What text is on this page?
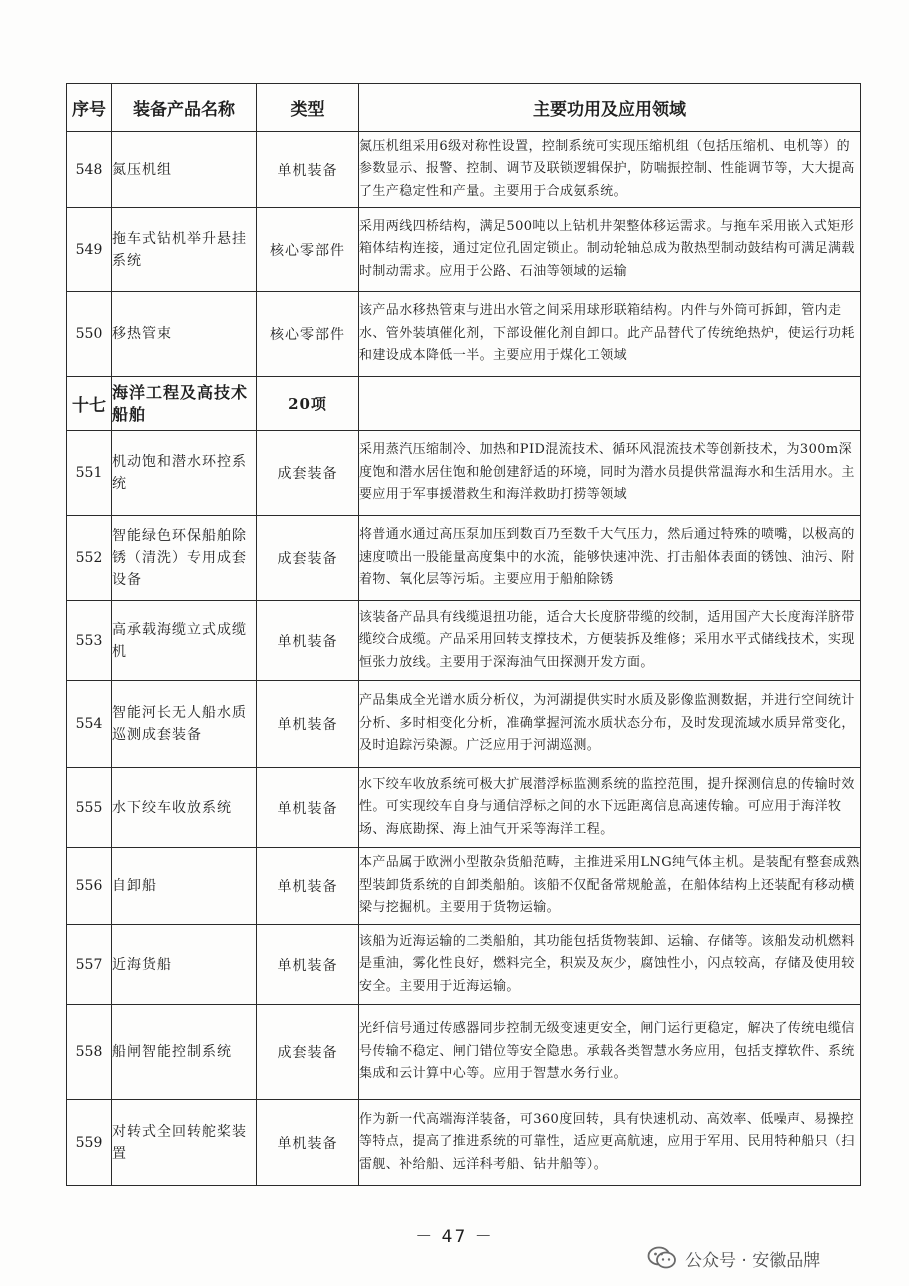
序号	装备产品名称	类型	主要功用及应用领域
548	氮压机组	单机装备	氮压机组采用6级对称性设置，控制系统可实现压缩机组（包括压缩机、电机等）的参数显示、报警、控制、调节及联锁逻辑保护，防喘振控制、性能调节等，大大提高了生产稳定性和产量。主要用于合成氨系统。
549	拖车式钻机举升悬挂系统	核心零部件	采用两线四桥结构，满足500吨以上钻机井架整体移运需求。与拖车采用嵌入式矩形箱体结构连接，通过定位孔固定锁止。制动轮轴总成为散热型制动鼓结构可满足满载时制动需求。应用于公路、石油等领域的运输
550	移热管束	核心零部件	该产品水移热管束与进出水管之间采用球形联箱结构。内件与外筒可拆卸，管内走水、管外装填催化剂，下部设催化剂自卸口。此产品替代了传统绝热炉，使运行功耗和建设成本降低一半。主要应用于煤化工领域
十七	海洋工程及高技术船舶	20项	
551	机动饱和潜水环控系统	成套装备	采用蒸汽压缩制冷、加热和PID混流技术、循环风混流技术等创新技术，为300m深度饱和潜水居住饱和舱创建舒适的环境，同时为潜水员提供常温海水和生活用水。主要应用于军事援潜救生和海洋救助打捞等领域
552	智能绿色环保船舶除锈（清洗）专用成套设备	成套装备	将普通水通过高压泵加压到数百乃至数千大气压力，然后通过特殊的喷嘴，以极高的速度喷出一股能量高度集中的水流，能够快速冲洗、打击船体表面的锈蚀、油污、附着物、氧化层等污垢。主要应用于船舶除锈
553	高承载海缆立式成缆机	单机装备	该装备产品具有线缆退扭功能，适合大长度脐带缆的绞制，适用国产大长度海洋脐带缆绞合成缆。产品采用回转支撑技术，方便装拆及维修；采用水平式储线技术，实现恒张力放线。主要用于深海油气田探测开发方面。
554	智能河长无人船水质巡测成套装备	单机装备	产品集成全光谱水质分析仪，为河湖提供实时水质及影像监测数据，并进行空间统计分析、多时相变化分析，准确掌握河流水质状态分布，及时发现流域水质异常变化，及时追踪污染源。广泛应用于河湖巡测。
555	水下绞车收放系统	单机装备	水下绞车收放系统可极大扩展潜浮标监测系统的监控范围，提升探测信息的传输时效性。可实现绞车自身与通信浮标之间的水下远距离信息高速传输。可应用于海洋牧场、海底勘探、海上油气开采等海洋工程。
556	自卸船	单机装备	本产品属于欧洲小型散杂货船范畴，主推进采用LNG纯气体主机。是装配有整套成熟型装卸货系统的自卸类船舶。该船不仅配备常规舱盖，在船体结构上还装配有移动横梁与挖掘机。主要用于货物运输。
557	近海货船	单机装备	该船为近海运输的二类船舶，其功能包括货物装卸、运输、存储等。该船发动机燃料是重油，雾化性良好，燃料完全，积炭及灰少，腐蚀性小，闪点较高，存储及使用较安全。主要用于近海运输。
558	船闸智能控制系统	成套装备	光纤信号通过传感器同步控制无级变速更安全，闸门运行更稳定，解决了传统电缆信号传输不稳定、闸门错位等安全隐患。承载各类智慧水务应用，包括支撑软件、系统集成和云计算中心等。应用于智慧水务行业。
559	对转式全回转舵桨装置	单机装备	作为新一代高端海洋装备，可360度回转，具有快速机动、高效率、低噪声、易操控等特点，提高了推进系统的可靠性，适应更高航速，应用于军用、民用特种船只（扫雷舰、补给船、远洋科考船、钻井船等）。
－ 47 －
公众号 · 安徽品牌
